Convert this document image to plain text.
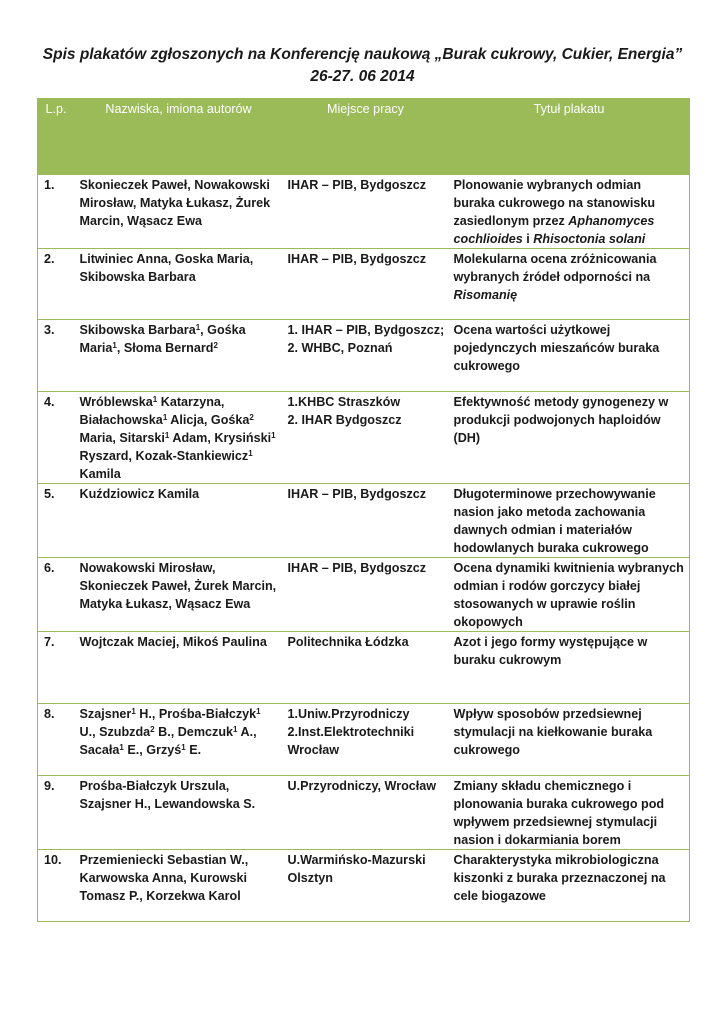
Spis plakatów zgłoszonych na Konferencję naukową „Burak cukrowy, Cukier, Energia” 26-27. 06 2014
L.p.	Nazwiska, imiona autorów	Miejsce pracy	Tytuł plakatu
1.	Skonieczek Paweł, Nowakowski Mirosław, Matyka Łukasz, Żurek Marcin, Wąsacz Ewa	IHAR – PIB, Bydgoszcz	Plonowanie wybranych odmian buraka cukrowego na stanowisku zasiedlonym przez Aphanomyces cochlioides i Rhisoctonia solani
2.	Litwiniec Anna, Goska Maria, Skibowska Barbara	IHAR – PIB, Bydgoszcz	Molekularna ocena zróżnicowania wybranych źródeł odporności na Risomanię
3.	Skibowska Barbara$^1$, Gośka Maria$^1$, Słoma Bernard$^2$	1. IHAR – PIB, Bydgoszcz;
2. WHBC, Poznań	Ocena wartości użytkowej pojedynczych mieszańców buraka cukrowego
4.	Wróblewska$^1$ Katarzyna, Białachowska$^1$ Alicja, Gośka$^2$ Maria, Sitarski$^1$ Adam, Krysiński$^1$ Ryszard, Kozak-Stankiewicz$^1$ Kamila	1.KHBC Straszków
2. IHAR Bydgoszcz	Efektywność metody gynogenezy w produkcji podwojonych haploidów (DH)
5.	Kuździowicz Kamila	IHAR – PIB, Bydgoszcz	Długoterminowe przechowywanie nasion jako metoda zachowania dawnych odmian i materiałów hodowlanych buraka cukrowego
6.	Nowakowski Mirosław, Skonieczek Paweł, Żurek Marcin, Matyka Łukasz, Wąsacz Ewa	IHAR – PIB, Bydgoszcz	Ocena dynamiki kwitnienia wybranych odmian i rodów gorczycy białej stosowanych w uprawie roślin okopowych
7.	Wojtczak Maciej, Mikoś Paulina	Politechnika Łódzka	Azot i jego formy występujące w buraku cukrowym
8.	Szajsner$^1$ H., Prośba-Białczyk$^1$ U., Szubzda$^2$ B., Demczuk$^1$ A., Sacała$^1$ E., Grzyś$^1$ E.	1.Uniw.Przyrodniczy
2.Inst.Elektrotechniki Wrocław	Wpływ sposobów przedsiewnej stymulacji na kiełkowanie buraka cukrowego
9.	Prośba-Białczyk Urszula, Szajsner H., Lewandowska S.	U.Przyrodniczy, Wrocław	Zmiany składu chemicznego i plonowania buraka cukrowego pod wpływem przedsiewnej stymulacji nasion i dokarmiania borem
10.	Przemieniecki Sebastian W., Karwowska Anna, Kurowski Tomasz P., Korzekwa Karol	U.Warmińsko-Mazurski Olsztyn	Charakterystyka mikrobiologiczna kiszonki z buraka przeznaczonej na cele biogazowe
